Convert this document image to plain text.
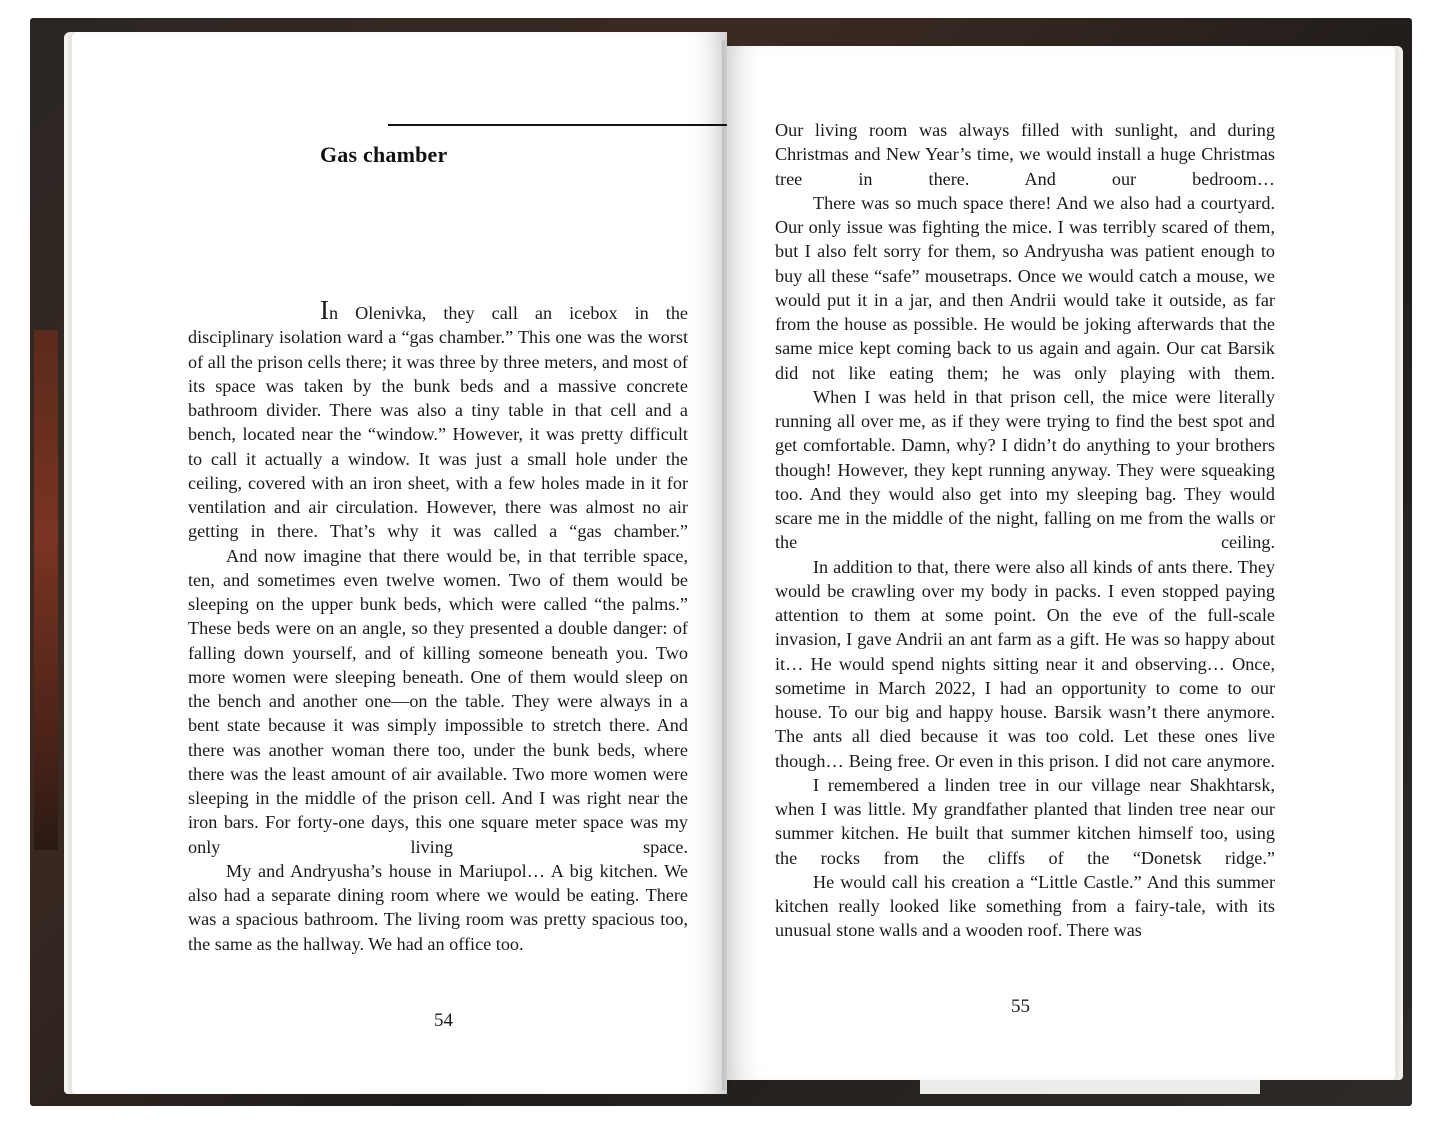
Gas chamber

In Olenivka, they call an icebox in the disciplinary isolation ward a “gas chamber.” This one was the worst of all the prison cells there; it was three by three meters, and most of its space was taken by the bunk beds and a massive concrete bathroom divider. There was also a tiny table in that cell and a bench, located near the “window.” However, it was pretty difficult to call it actually a window. It was just a small hole under the ceiling, covered with an iron sheet, with a few holes made in it for ventilation and air circulation. However, there was almost no air getting in there. That’s why it was called a “gas chamber.”

And now imagine that there would be, in that terrible space, ten, and sometimes even twelve women. Two of them would be sleeping on the upper bunk beds, which were called “the palms.” These beds were on an angle, so they presented a double danger: of falling down yourself, and of killing someone beneath you. Two more women were sleeping beneath. One of them would sleep on the bench and another one—on the table. They were always in a bent state because it was simply impossible to stretch there. And there was another woman there too, under the bunk beds, where there was the least amount of air available. Two more women were sleeping in the middle of the prison cell. And I was right near the iron bars. For forty-one days, this one square meter space was my only living space.

My and Andryusha’s house in Mariupol… A big kitchen. We also had a separate dining room where we would be eating. There was a spacious bathroom. The living room was pretty spacious too, the same as the hallway. We had an office too.

54

Our living room was always filled with sunlight, and during Christmas and New Year’s time, we would install a huge Christmas tree in there. And our bedroom…

There was so much space there! And we also had a courtyard. Our only issue was fighting the mice. I was terribly scared of them, but I also felt sorry for them, so Andryusha was patient enough to buy all these “safe” mousetraps. Once we would catch a mouse, we would put it in a jar, and then Andrii would take it outside, as far from the house as possible. He would be joking afterwards that the same mice kept coming back to us again and again. Our cat Barsik did not like eating them; he was only playing with them.

When I was held in that prison cell, the mice were literally running all over me, as if they were trying to find the best spot and get comfortable. Damn, why? I didn’t do anything to your brothers though! However, they kept running anyway. They were squeaking too. And they would also get into my sleeping bag. They would scare me in the middle of the night, falling on me from the walls or the ceiling.

In addition to that, there were also all kinds of ants there. They would be crawling over my body in packs. I even stopped paying attention to them at some point. On the eve of the full-scale invasion, I gave Andrii an ant farm as a gift. He was so happy about it… He would spend nights sitting near it and observing… Once, sometime in March 2022, I had an opportunity to come to our house. To our big and happy house. Barsik wasn’t there anymore. The ants all died because it was too cold. Let these ones live though… Being free. Or even in this prison. I did not care anymore.

I remembered a linden tree in our village near Shakhtarsk, when I was little. My grandfather planted that linden tree near our summer kitchen. He built that summer kitchen himself too, using the rocks from the cliffs of the “Donetsk ridge.”

He would call his creation a “Little Castle.” And this summer kitchen really looked like something from a fairy-tale, with its unusual stone walls and a wooden roof. There was

55
